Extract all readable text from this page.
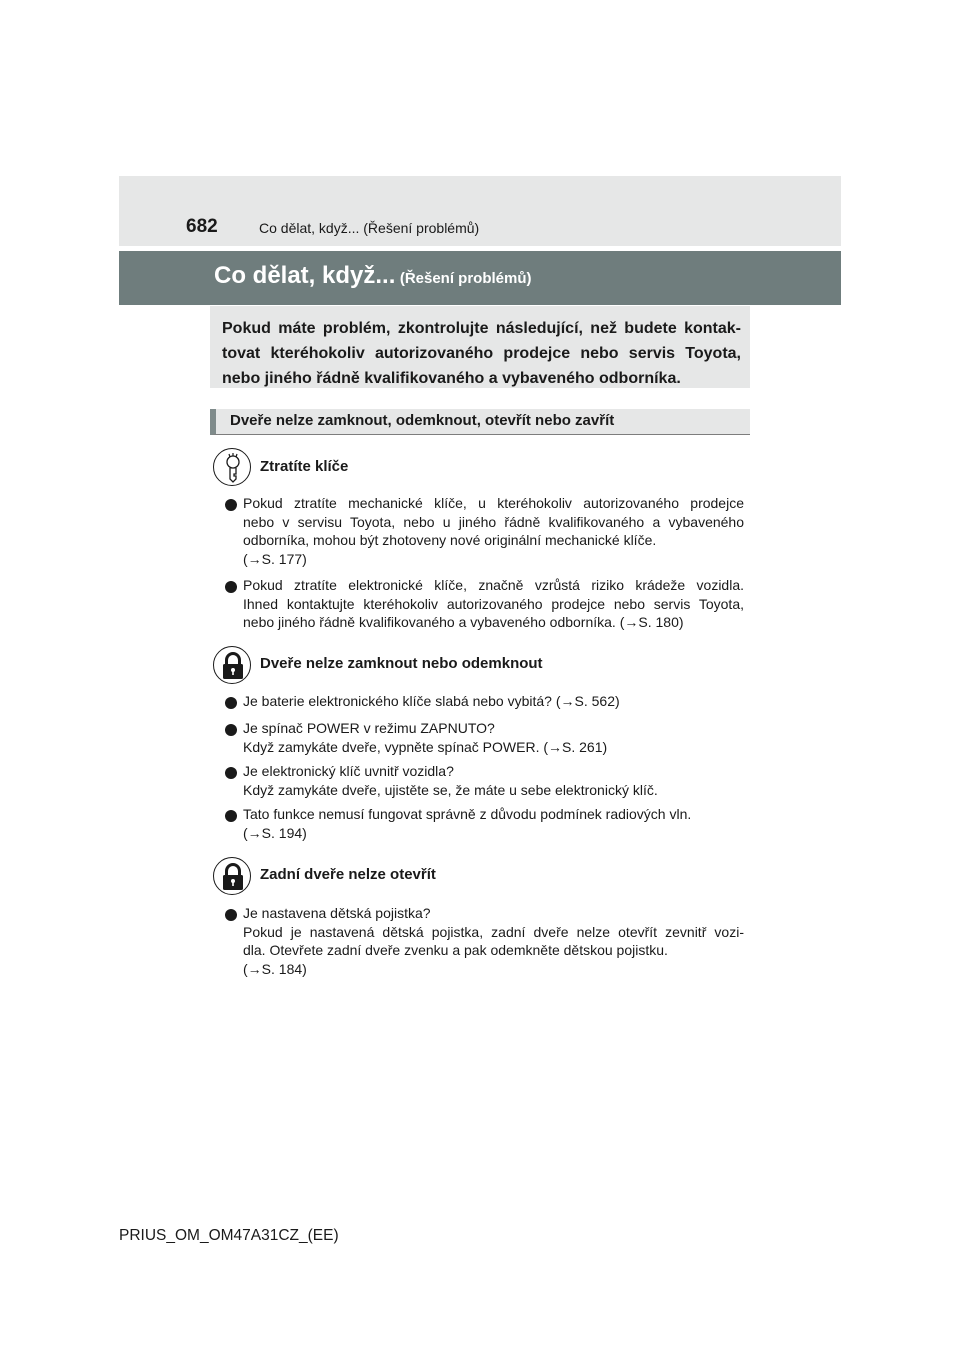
682	Co dělat, když... (Řešení problémů)
Co dělat, když... (Řešení problémů)

Pokud máte problém, zkontrolujte následující, než budete kontak- tovat kteréhokoliv autorizovaného prodejce nebo servis Toyota, nebo jiného řádně kvalifikovaného a vybaveného odborníka.

Dveře nelze zamknout, odemknout, otevřít nebo zavřít
Ztratíte klíče
Pokud ztratíte mechanické klíče, u kteréhokoliv autorizovaného prodejce
nebo v servisu Toyota, nebo u jiného řádně kvalifikovaného a vybaveného
odborníka, mohou být zhotoveny nové originální mechanické klíče.
(→S. 177)
Pokud ztratíte elektronické klíče, značně vzrůstá riziko krádeže vozidla.
Ihned kontaktujte kteréhokoliv autorizovaného prodejce nebo servis Toyota,
nebo jiného řádně kvalifikovaného a vybaveného odborníka. (→S. 180)
Dveře nelze zamknout nebo odemknout
Je baterie elektronického klíče slabá nebo vybitá? (→S. 562)
Je spínač POWER v režimu ZAPNUTO?
Když zamykáte dveře, vypněte spínač POWER. (→S. 261)
Je elektronický klíč uvnitř vozidla?
Když zamykáte dveře, ujistěte se, že máte u sebe elektronický klíč.
Tato funkce nemusí fungovat správně z důvodu podmínek radiových vln.
(→S. 194)
Zadní dveře nelze otevřít
Je nastavena dětská pojistka?
Pokud je nastavená dětská pojistka, zadní dveře nelze otevřít zevnitř vozi-
dla. Otevřete zadní dveře zvenku a pak odemkněte dětskou pojistku.
(→S. 184)
PRIUS_OM_OM47A31CZ_(EE)
